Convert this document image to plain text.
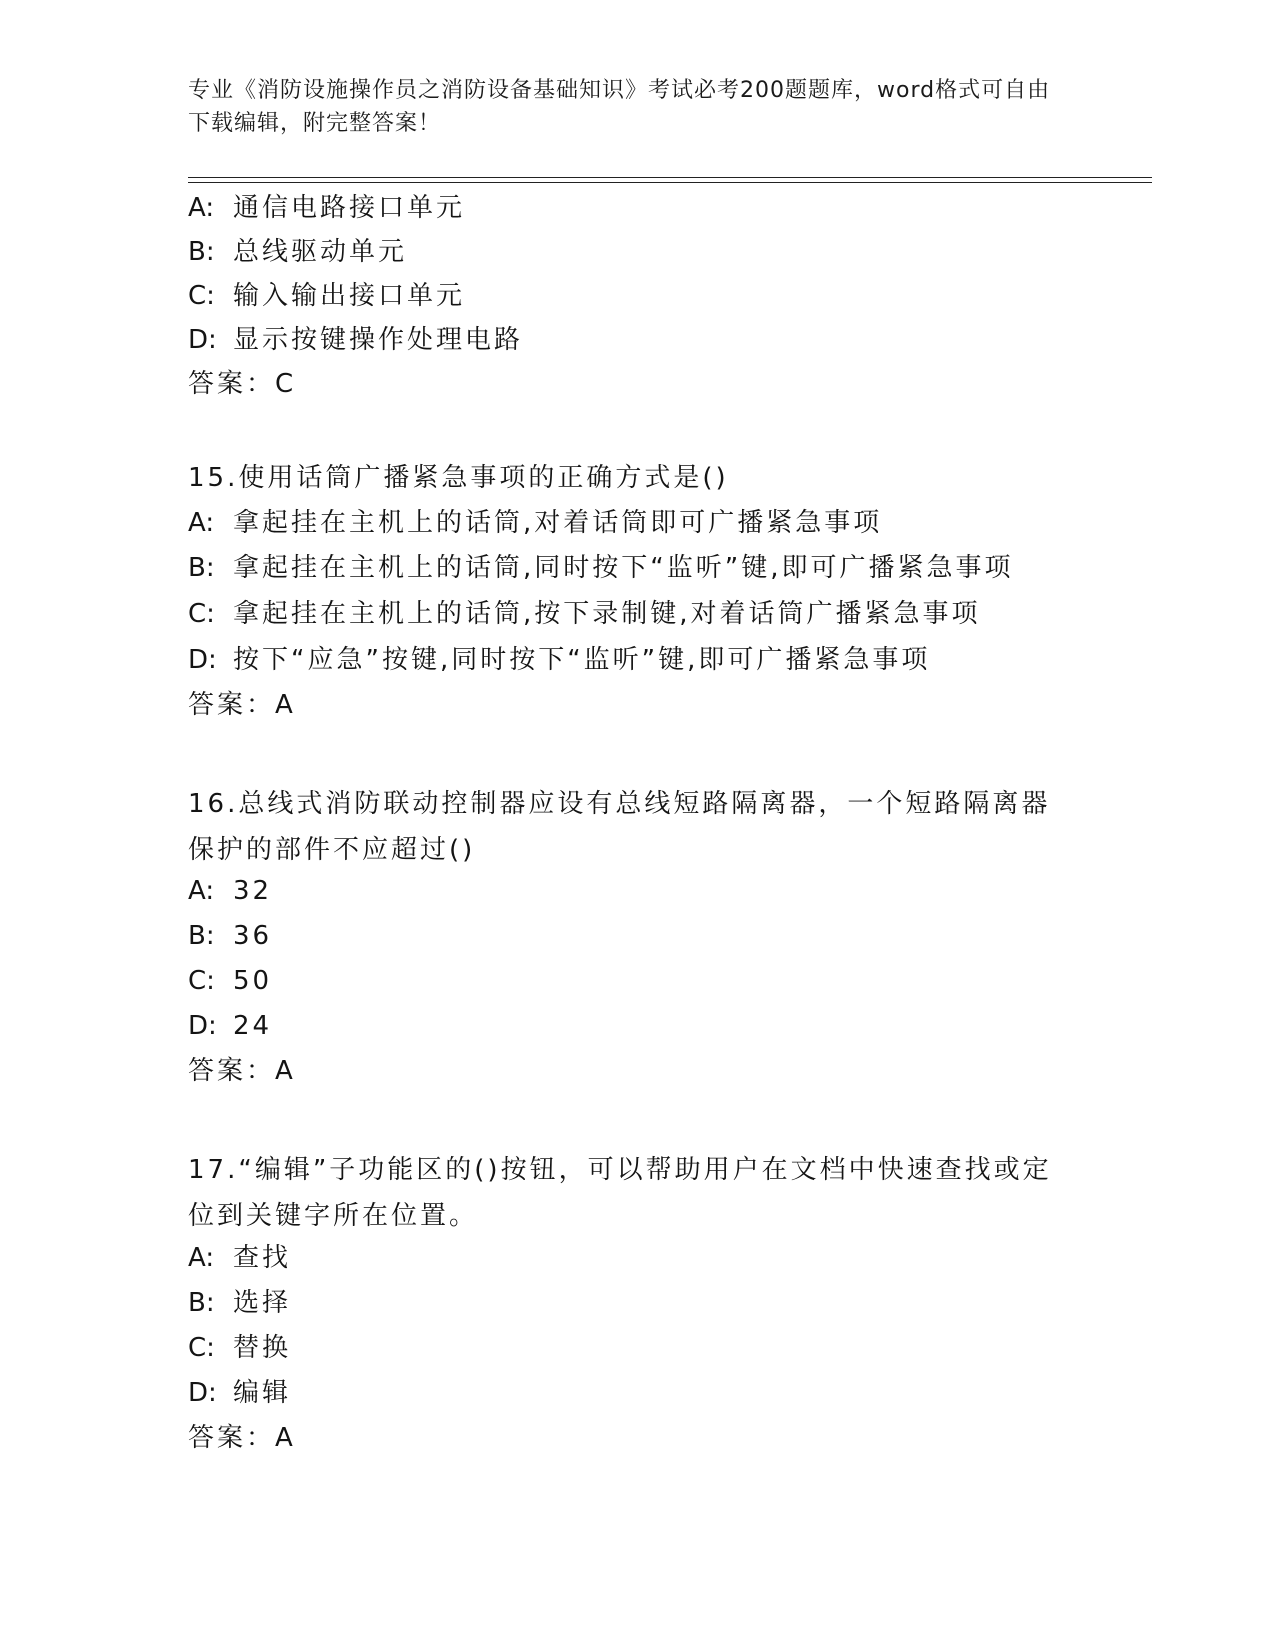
专业《消防设施操作员之消防设备基础知识》考试必考200题题库，word格式可自由下载编辑，附完整答案！
A: 通信电路接口单元
B: 总线驱动单元
C: 输入输出接口单元
D: 显示按键操作处理电路
答案：C
15.使用话筒广播紧急事项的正确方式是()
A: 拿起挂在主机上的话筒,对着话筒即可广播紧急事项
B: 拿起挂在主机上的话筒,同时按下“监听”键,即可广播紧急事项
C: 拿起挂在主机上的话筒,按下录制键,对着话筒广播紧急事项
D: 按下“应急”按键,同时按下“监听”键,即可广播紧急事项
答案：A
16.总线式消防联动控制器应设有总线短路隔离器，一个短路隔离器保护的部件不应超过()
A: 32
B: 36
C: 50
D: 24
答案：A
17.“编辑”子功能区的()按钮，可以帮助用户在文档中快速查找或定位到关键字所在位置。
A: 查找
B: 选择
C: 替换
D: 编辑
答案：A
